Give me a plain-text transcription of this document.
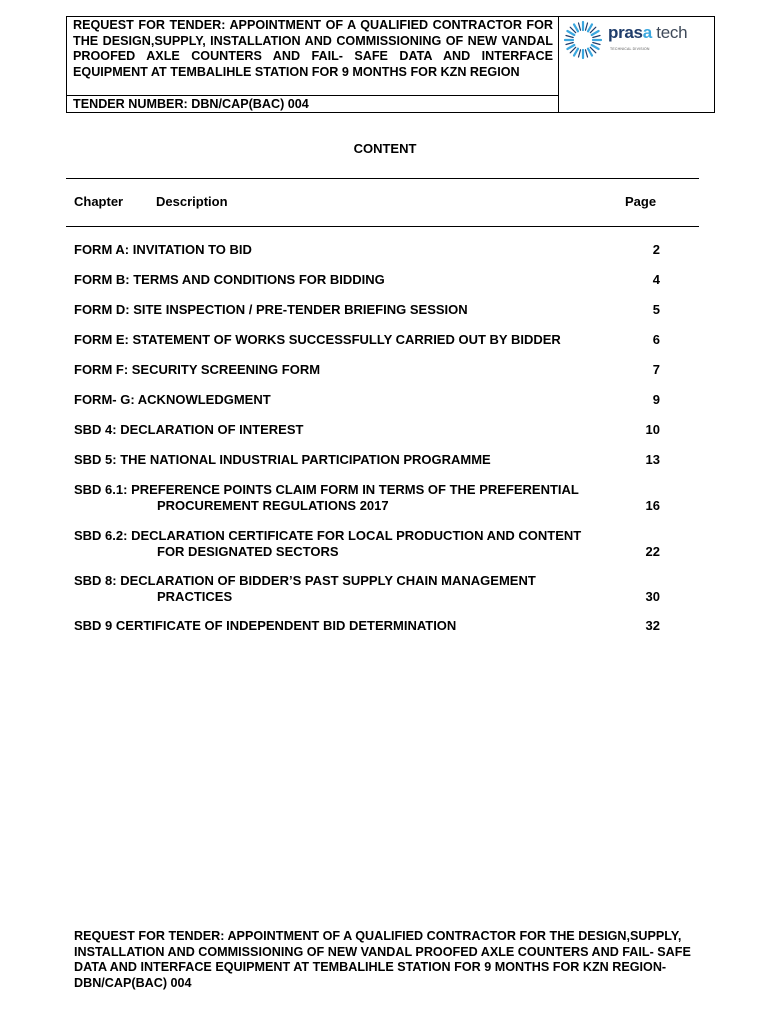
REQUEST FOR TENDER: APPOINTMENT OF A QUALIFIED CONTRACTOR FOR THE DESIGN,SUPPLY, INSTALLATION AND COMMISSIONING OF NEW VANDAL PROOFED AXLE COUNTERS AND FAIL- SAFE DATA AND INTERFACE EQUIPMENT AT TEMBALIHLE STATION FOR 9 MONTHS FOR KZN REGION
TENDER NUMBER: DBN/CAP(BAC) 004
prasa tech
TECHNICAL DIVISION
CONTENT
Chapter	Description	Page
FORM A: INVITATION TO BID	2
FORM B: TERMS AND CONDITIONS FOR BIDDING	4
FORM D: SITE INSPECTION / PRE-TENDER BRIEFING SESSION	5
FORM E: STATEMENT OF WORKS SUCCESSFULLY CARRIED OUT BY BIDDER	6
FORM F: SECURITY SCREENING FORM	7
FORM- G: ACKNOWLEDGMENT	9
SBD 4: DECLARATION OF INTEREST	10
SBD 5: THE NATIONAL INDUSTRIAL PARTICIPATION PROGRAMME	13
SBD 6.1: PREFERENCE POINTS CLAIM FORM IN TERMS OF THE PREFERENTIAL
PROCUREMENT REGULATIONS 2017	16
SBD 6.2: DECLARATION CERTIFICATE FOR LOCAL PRODUCTION AND CONTENT
FOR DESIGNATED SECTORS	22
SBD 8: DECLARATION OF BIDDER’S PAST SUPPLY CHAIN MANAGEMENT
PRACTICES	30
SBD 9 CERTIFICATE OF INDEPENDENT BID DETERMINATION	32
REQUEST FOR TENDER: APPOINTMENT OF A QUALIFIED CONTRACTOR FOR THE DESIGN,SUPPLY, INSTALLATION AND COMMISSIONING OF NEW VANDAL PROOFED AXLE COUNTERS AND FAIL- SAFE DATA AND INTERFACE EQUIPMENT AT TEMBALIHLE STATION FOR 9 MONTHS FOR KZN REGION- DBN/CAP(BAC) 004
